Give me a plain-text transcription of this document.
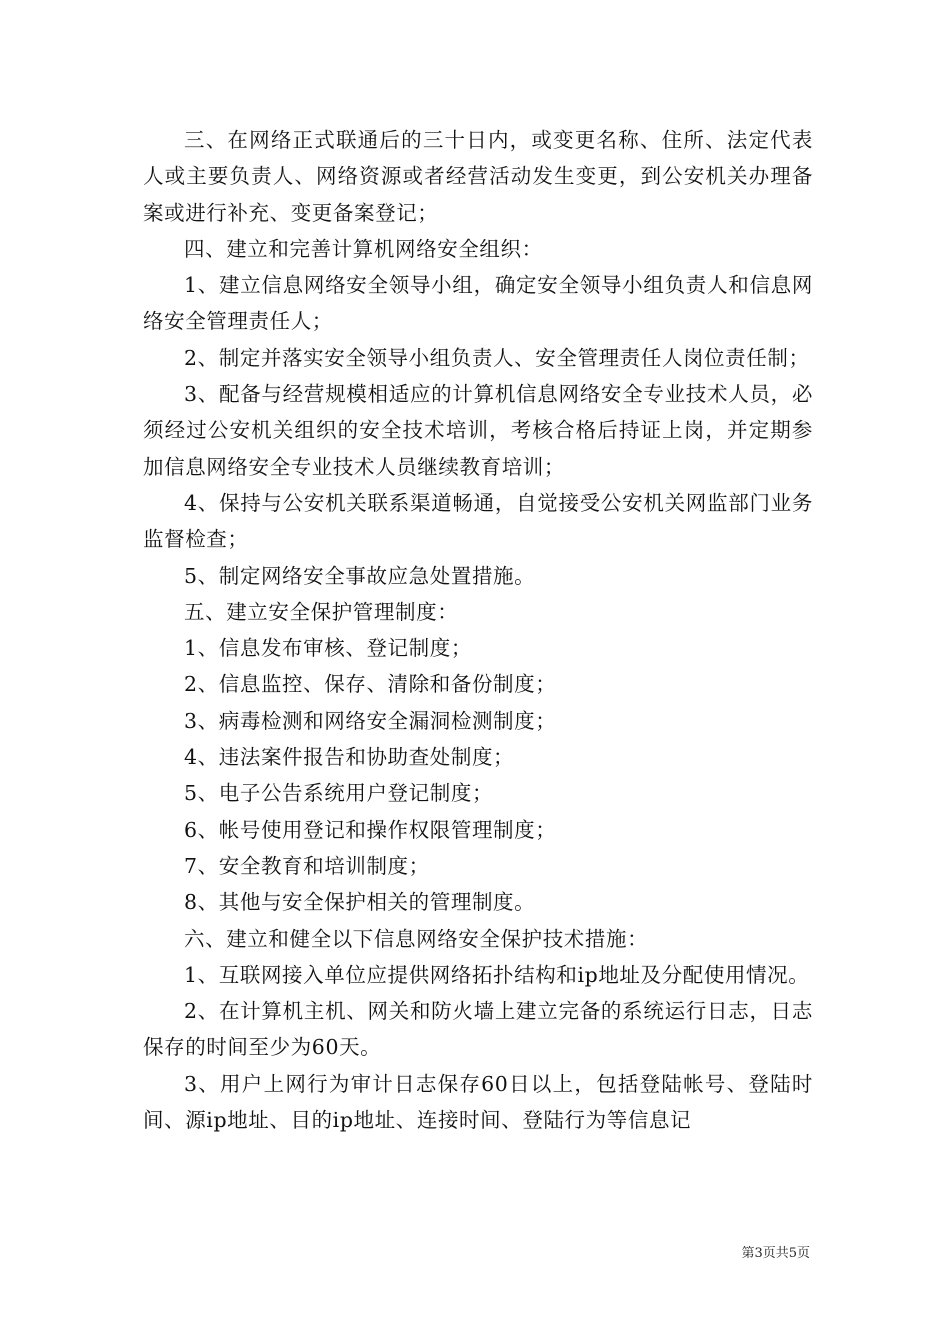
三、在网络正式联通后的三十日内，或变更名称、住所、法定代表人或主要负责人、网络资源或者经营活动发生变更，到公安机关办理备案或进行补充、变更备案登记；

四、建立和完善计算机网络安全组织：

1、建立信息网络安全领导小组，确定安全领导小组负责人和信息网络安全管理责任人；

2、制定并落实安全领导小组负责人、安全管理责任人岗位责任制；

3、配备与经营规模相适应的计算机信息网络安全专业技术人员，必须经过公安机关组织的安全技术培训，考核合格后持证上岗，并定期参加信息网络安全专业技术人员继续教育培训；

4、保持与公安机关联系渠道畅通，自觉接受公安机关网监部门业务监督检查；

5、制定网络安全事故应急处置措施。

五、建立安全保护管理制度：

1、信息发布审核、登记制度；

2、信息监控、保存、清除和备份制度；

3、病毒检测和网络安全漏洞检测制度；

4、违法案件报告和协助查处制度；

5、电子公告系统用户登记制度；

6、帐号使用登记和操作权限管理制度；

7、安全教育和培训制度；

8、其他与安全保护相关的管理制度。

六、建立和健全以下信息网络安全保护技术措施：

1、互联网接入单位应提供网络拓扑结构和ip地址及分配使用情况。

2、在计算机主机、网关和防火墙上建立完备的系统运行日志，日志保存的时间至少为60天。

3、用户上网行为审计日志保存60日以上，包括登陆帐号、登陆时间、源ip地址、目的ip地址、连接时间、登陆行为等信息记

第3页共5页
